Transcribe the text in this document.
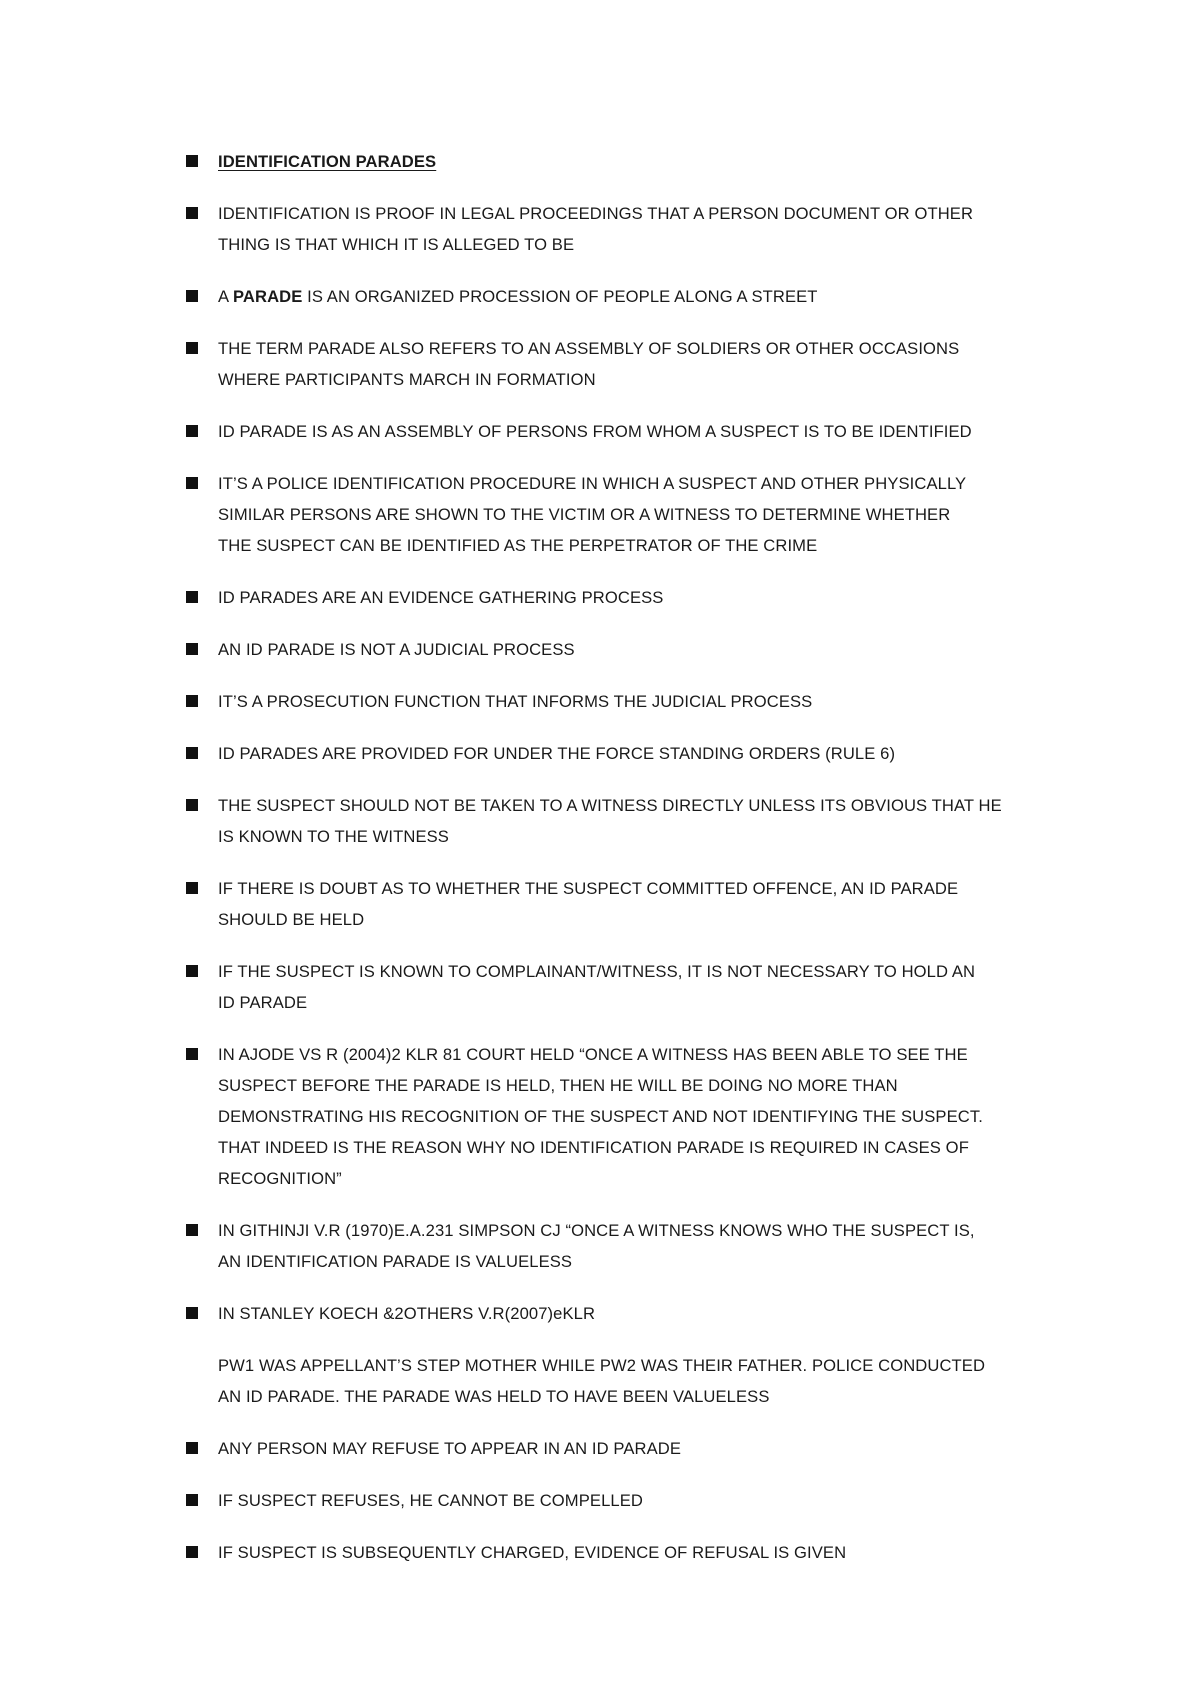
IDENTIFICATION PARADES
IDENTIFICATION IS PROOF IN LEGAL PROCEEDINGS THAT A PERSON DOCUMENT OR OTHER
THING IS THAT WHICH IT IS ALLEGED TO BE
A PARADE IS AN ORGANIZED PROCESSION OF PEOPLE ALONG A STREET
THE TERM PARADE ALSO REFERS TO AN ASSEMBLY OF SOLDIERS OR OTHER OCCASIONS
WHERE PARTICIPANTS MARCH IN FORMATION
ID PARADE IS AS AN ASSEMBLY OF PERSONS FROM WHOM A SUSPECT IS TO BE IDENTIFIED
IT’S A POLICE IDENTIFICATION PROCEDURE IN WHICH A SUSPECT AND OTHER PHYSICALLY
SIMILAR PERSONS ARE SHOWN TO THE VICTIM OR A WITNESS TO DETERMINE WHETHER
THE SUSPECT CAN BE IDENTIFIED AS THE PERPETRATOR OF THE CRIME
ID PARADES ARE AN EVIDENCE GATHERING PROCESS
AN ID PARADE IS NOT A JUDICIAL PROCESS
IT’S A PROSECUTION FUNCTION THAT INFORMS THE JUDICIAL PROCESS
ID PARADES ARE PROVIDED FOR UNDER THE FORCE STANDING ORDERS (RULE 6)
THE SUSPECT SHOULD NOT BE TAKEN TO A WITNESS DIRECTLY UNLESS ITS OBVIOUS THAT HE
IS KNOWN TO THE WITNESS
IF THERE IS DOUBT AS TO WHETHER THE SUSPECT COMMITTED OFFENCE, AN ID PARADE
SHOULD BE HELD
IF THE SUSPECT IS KNOWN TO COMPLAINANT/WITNESS, IT IS NOT NECESSARY TO HOLD AN
ID PARADE
IN AJODE VS R (2004)2 KLR 81 COURT HELD “ONCE A WITNESS HAS BEEN ABLE TO SEE THE
SUSPECT BEFORE THE PARADE IS HELD, THEN HE WILL BE DOING NO MORE THAN
DEMONSTRATING HIS RECOGNITION OF THE SUSPECT AND NOT IDENTIFYING THE SUSPECT.
THAT INDEED IS THE REASON WHY NO IDENTIFICATION PARADE IS REQUIRED IN CASES OF
RECOGNITION”
IN GITHINJI V.R (1970)E.A.231 SIMPSON CJ “ONCE A WITNESS KNOWS WHO THE SUSPECT IS,
AN IDENTIFICATION PARADE IS VALUELESS
IN STANLEY KOECH &2OTHERS V.R(2007)eKLR
PW1 WAS APPELLANT’S STEP MOTHER WHILE PW2 WAS THEIR FATHER. POLICE CONDUCTED
AN ID PARADE. THE PARADE WAS HELD TO HAVE BEEN VALUELESS
ANY PERSON MAY REFUSE TO APPEAR IN AN ID PARADE
IF SUSPECT REFUSES, HE CANNOT BE COMPELLED
IF SUSPECT IS SUBSEQUENTLY CHARGED, EVIDENCE OF REFUSAL IS GIVEN
